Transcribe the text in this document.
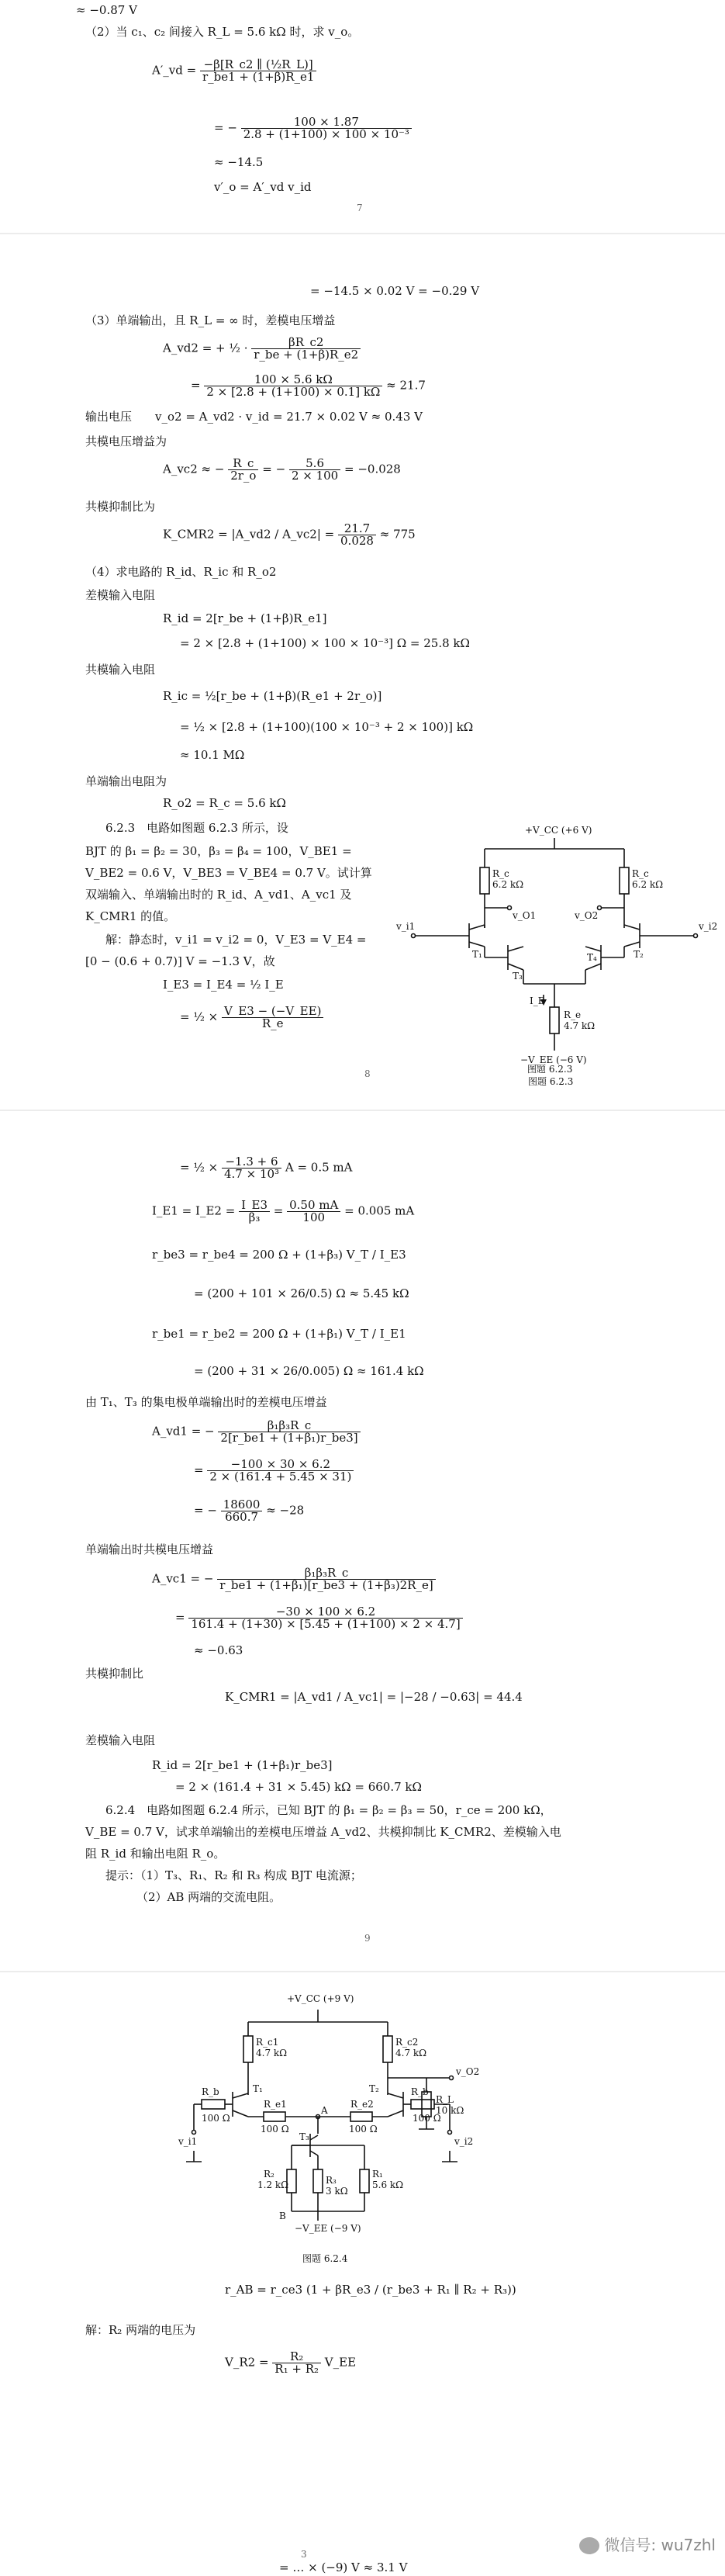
≈ −0.87 V
（2）当 c₁、c₂ 间接入 R_L = 5.6 kΩ 时，求 v_o。
A′_vd = $\frac{\text{−β[R\_c2 ∥ (½R\_L)]}}{r\_be1 + (1+\beta)R\_e1}$
= − $\frac{100 \times 1.87}{\text{2.8 + (1+100) × 100 × 10⁻³}}$
≈ −14.5
v′_o = A′_vd v_id
7
= −14.5 × 0.02 V = −0.29 V
（3）单端输出，且 R_L = ∞ 时，差模电压增益
A_vd2 = + ½ · $\frac{\beta R\_c2}{r\_be + (1+\beta)R\_e2}$
= $\frac{100 \times 5.6 k\Omega}{2 \times [2.8 + (1+100) \times 0.1] k\Omega} \approx 21.7$
输出电压　　v_o2 = A_vd2 · v_id = 21.7 × 0.02 V ≈ 0.43 V
共模电压增益为
A_vc2 ≈ − $\frac{R\_c}{2r\_o}$ = − $\frac{5.6}{2 \times 100} = -0.028$
共模抑制比为
K_CMR2 = |A_vd2 / A_vc2| = $\frac{21.7}{0.028} \approx 775$
（4）求电路的 R_id、R_ic 和 R_o2
差模输入电阻
R_id = 2[r_be + (1+β)R_e1]
= 2 × [2.8 + (1+100) × 100 × 10⁻³] Ω = 25.8 kΩ
共模输入电阻
R_ic = ½[r_be + (1+β)(R_e1 + 2r_o)]
= ½ × [2.8 + (1+100)(100 × 10⁻³ + 2 × 100)] kΩ
≈ 10.1 MΩ
单端输出电阻为
R_o2 = R_c = 5.6 kΩ
6.2.3　电路如图题 6.2.3 所示，设
BJT 的 β₁ = β₂ = 30，β₃ = β₄ = 100，V_BE1 =
V_BE2 = 0.6 V，V_BE3 = V_BE4 = 0.7 V。试计算
双端输入、单端输出时的 R_id、A_vd1、A_vc1 及
K_CMR1 的值。
解：静态时，v_i1 = v_i2 = 0，V_E3 = V_E4 =
[0 − (0.6 + 0.7)] V = −1.3 V，故
I_E3 = I_E4 = ½ I_E
= ½ × $\frac{V\_E3 - (-V\_EE)}{R\_e}$
8
+V_CC (+6 V)
R_c
6.2 kΩ
R_c
6.2 kΩ
v_i1	v_i2
v_O1	v_O2
T₁	T₂
T₃
T₄
I_E
R_e
4.7 kΩ
−V_EE (−6 V)
图题 6.2.3
图题 6.2.3
= ½ × $\frac{-1.3 + 6}{\text{4.7 × 10³}}$ A = 0.5 mA
I_E1 = I_E2 = $\frac{I\_E3}{\text{β₃}} = \frac{0.50 mA}{100} = 0.005$ mA
r_be3 = r_be4 = 200 Ω + (1+β₃) V_T / I_E3
= (200 + 101 × 26/0.5) Ω ≈ 5.45 kΩ
r_be1 = r_be2 = 200 Ω + (1+β₁) V_T / I_E1
= (200 + 31 × 26/0.005) Ω ≈ 161.4 kΩ
由 T₁、T₃ 的集电极单端输出时的差模电压增益
A_vd1 = − $\frac{\text{β₁β₃R\_c}}{\text{2[r\_be1 + (1+β₁)r\_be3]}}$
= $\frac{-100 \times 30 \times 6.2}{2 \times (161.4 + 5.45 \times 31)}$
= − $\frac{18600}{660.7} \approx -28$
单端输出时共模电压增益
A_vc1 = − $\frac{\text{β₁β₃R\_c}}{\text{r\_be1 + (1+β₁)[r\_be3 + (1+β₃)2R\_e]}}$
= $\frac{-30 \times 100 \times 6.2}{161.4 + (1+30) \times [5.45 + (1+100) \times 2 \times 4.7]}$
≈ −0.63
共模抑制比
K_CMR1 = |A_vd1 / A_vc1| = |−28 / −0.63| = 44.4
差模输入电阻
R_id = 2[r_be1 + (1+β₁)r_be3]
= 2 × (161.4 + 31 × 5.45) kΩ = 660.7 kΩ
6.2.4　电路如图题 6.2.4 所示，已知 BJT 的 β₁ = β₂ = β₃ = 50，r_ce = 200 kΩ，
V_BE = 0.7 V，试求单端输出的差模电压增益 A_vd2、共模抑制比 K_CMR2、差模输入电
阻 R_id 和输出电阻 R_o。
提示：（1）T₃、R₁、R₂ 和 R₃ 构成 BJT 电流源；
（2）AB 两端的交流电阻。
9
+V_CC (+9 V)
R_c1
4.7 kΩ
R_c2
4.7 kΩ
v_O2
R_L
10 kΩ
R_b
100 Ω
R_b
100 Ω
R_e1
100 Ω
R_e2
100 Ω
T₁	T₂
T₃
A
B
R₁
5.6 kΩ
R₂
1.2 kΩ	R₃
3 kΩ
v_i1	v_i2
−V_EE (−9 V)
图题 6.2.4
r_AB = r_ce3 (1 + βR_e3 / (r_be3 + R₁ ∥ R₂ + R₃))
解：R₂ 两端的电压为
V_R2 = $\frac{\text{R₂}}{\text{R₁ + R₂}}$ V_EE
3
= … × (−9) V ≈ 3.1 V
微信号: wu7zhl
